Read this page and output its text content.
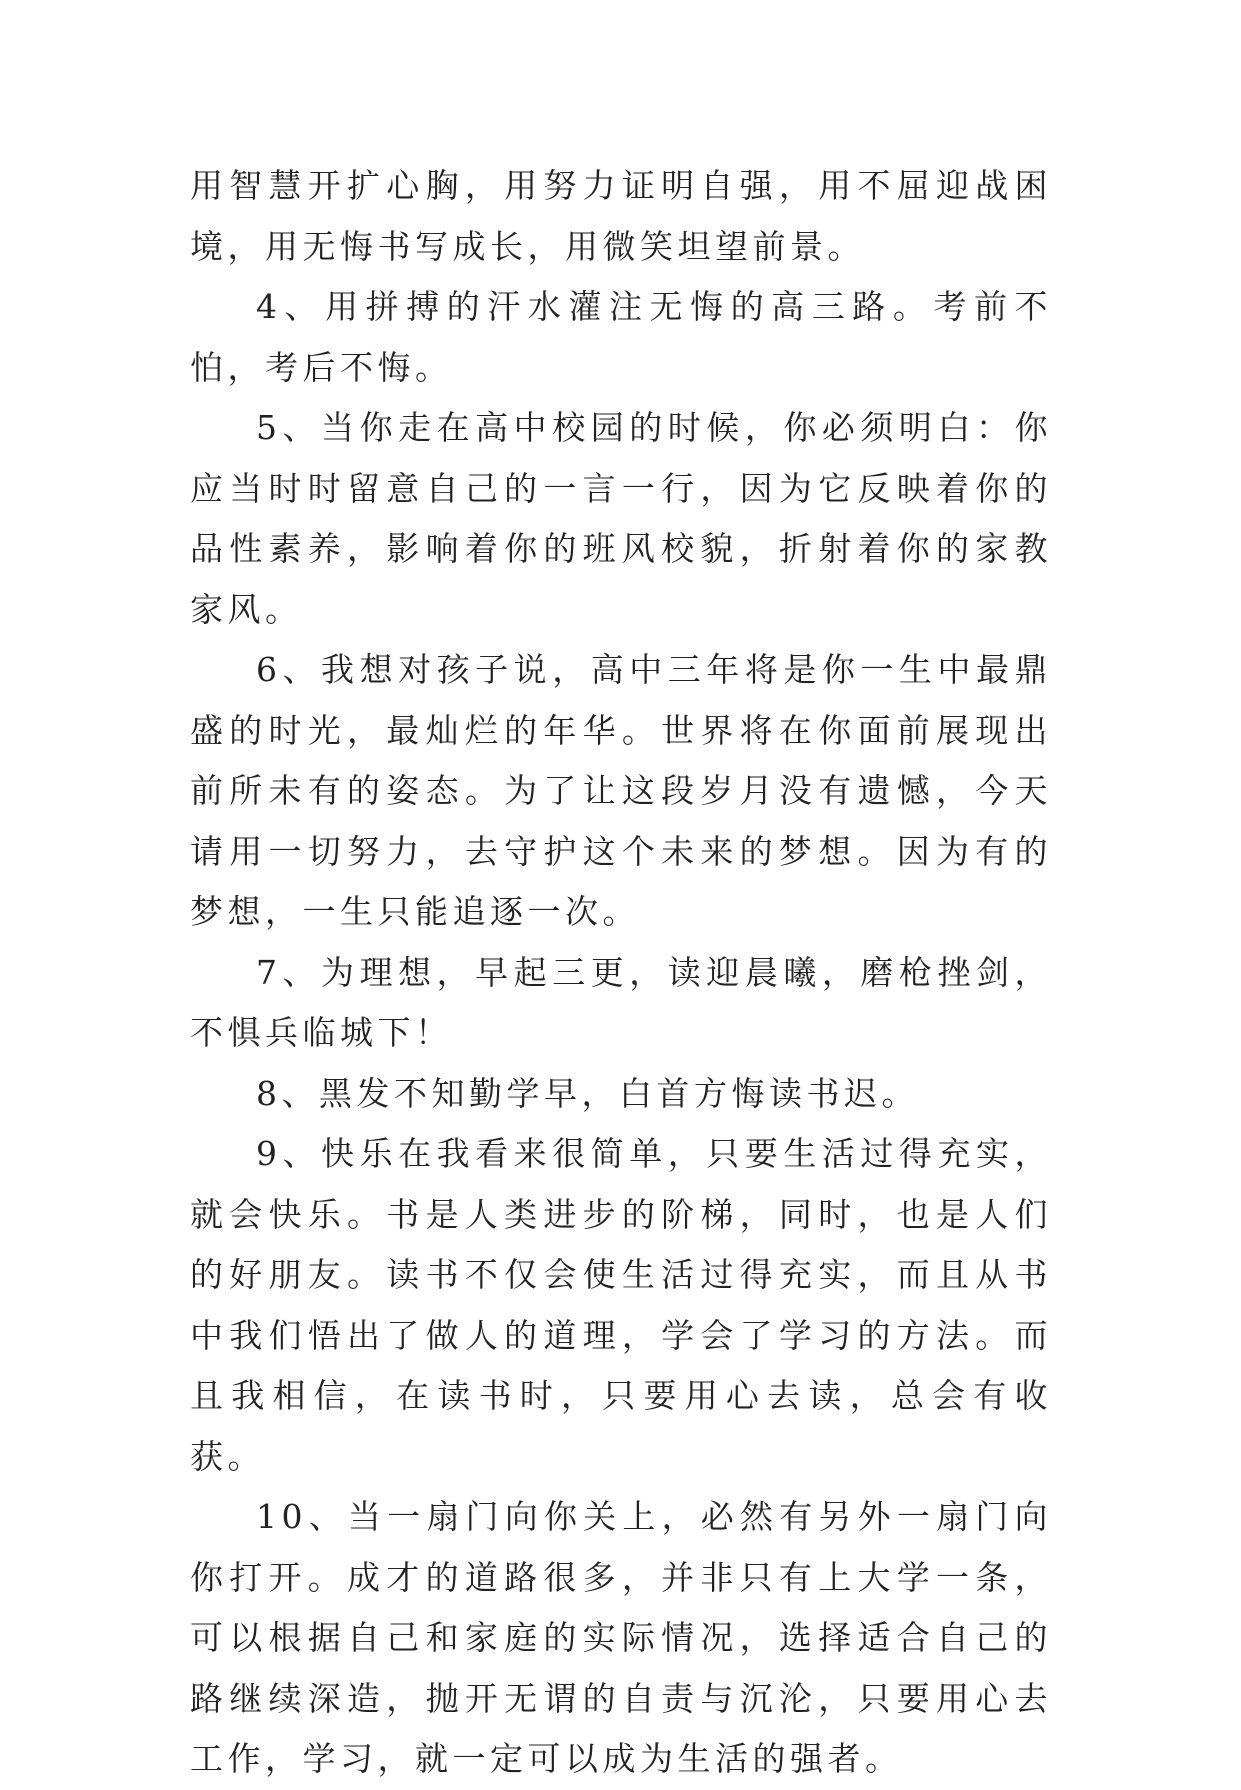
用智慧开扩心胸，用努力证明自强，用不屈迎战困境，用无悔书写成长，用微笑坦望前景。

4、用拼搏的汗水灌注无悔的高三路。考前不怕，考后不悔。

5、当你走在高中校园的时候，你必须明白：你应当时时留意自己的一言一行，因为它反映着你的品性素养，影响着你的班风校貌，折射着你的家教家风。

6、我想对孩子说，高中三年将是你一生中最鼎盛的时光，最灿烂的年华。世界将在你面前展现出前所未有的姿态。为了让这段岁月没有遗憾，今天请用一切努力，去守护这个未来的梦想。因为有的梦想，一生只能追逐一次。

7、为理想，早起三更，读迎晨曦，磨枪挫剑，不惧兵临城下！

8、黑发不知勤学早，白首方悔读书迟。

9、快乐在我看来很简单，只要生活过得充实，就会快乐。书是人类进步的阶梯，同时，也是人们的好朋友。读书不仅会使生活过得充实，而且从书中我们悟出了做人的道理，学会了学习的方法。而且我相信，在读书时，只要用心去读，总会有收获。

10、当一扇门向你关上，必然有另外一扇门向你打开。成才的道路很多，并非只有上大学一条，可以根据自己和家庭的实际情况，选择适合自己的路继续深造，抛开无谓的自责与沉沦，只要用心去工作，学习，就一定可以成为生活的强者。
